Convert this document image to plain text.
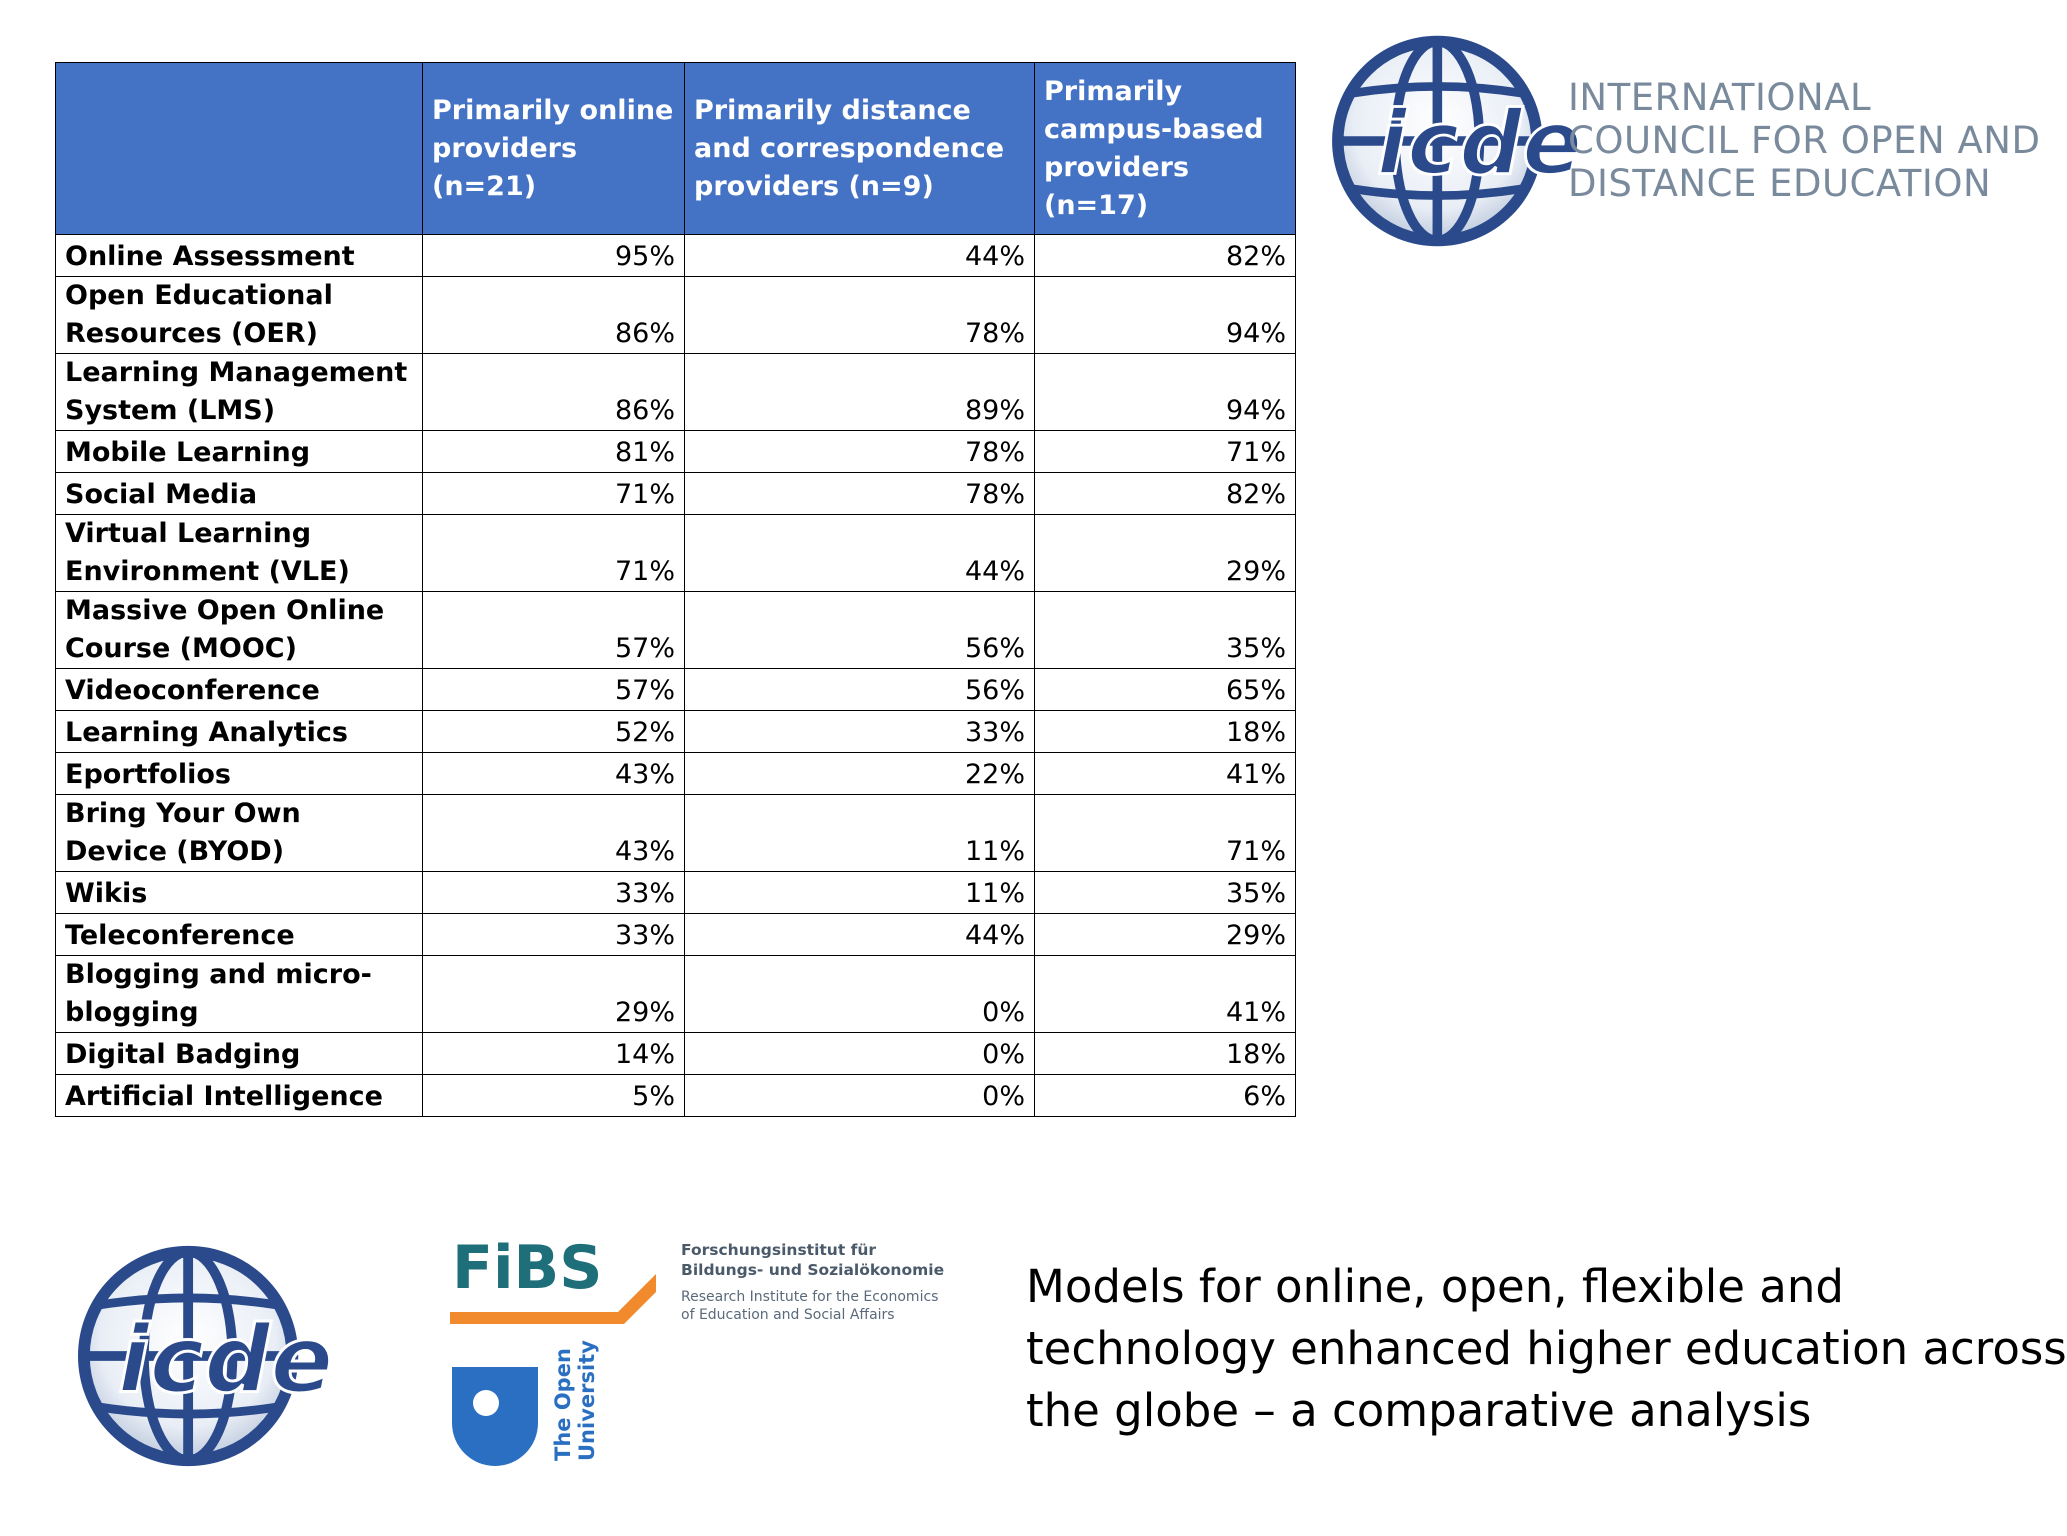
	Primarily online providers (n=21)	Primarily distance and correspondence providers (n=9)	Primarily campus-based providers (n=17)
Online Assessment	95%	44%	82%
Open Educational Resources (OER)	86%	78%	94%
Learning Management System (LMS)	86%	89%	94%
Mobile Learning	81%	78%	71%
Social Media	71%	78%	82%
Virtual Learning Environment (VLE)	71%	44%	29%
Massive Open Online Course (MOOC)	57%	56%	35%
Videoconference	57%	56%	65%
Learning Analytics	52%	33%	18%
Eportfolios	43%	22%	41%
Bring Your Own Device (BYOD)	43%	11%	71%
Wikis	33%	11%	35%
Teleconference	33%	44%	29%
Blogging and micro-blogging	29%	0%	41%
Digital Badging	14%	0%	18%
Artificial Intelligence	5%	0%	6%
icde
INTERNATIONAL
COUNCIL FOR OPEN AND
DISTANCE EDUCATION
icde
FiBS	Forschungsinstitut für
Bildungs- und Sozialökonomie
Research Institute for the Economics
of Education and Social Affairs
The Open University
Models for online, open, flexible and
technology enhanced higher education across
the globe – a comparative analysis
